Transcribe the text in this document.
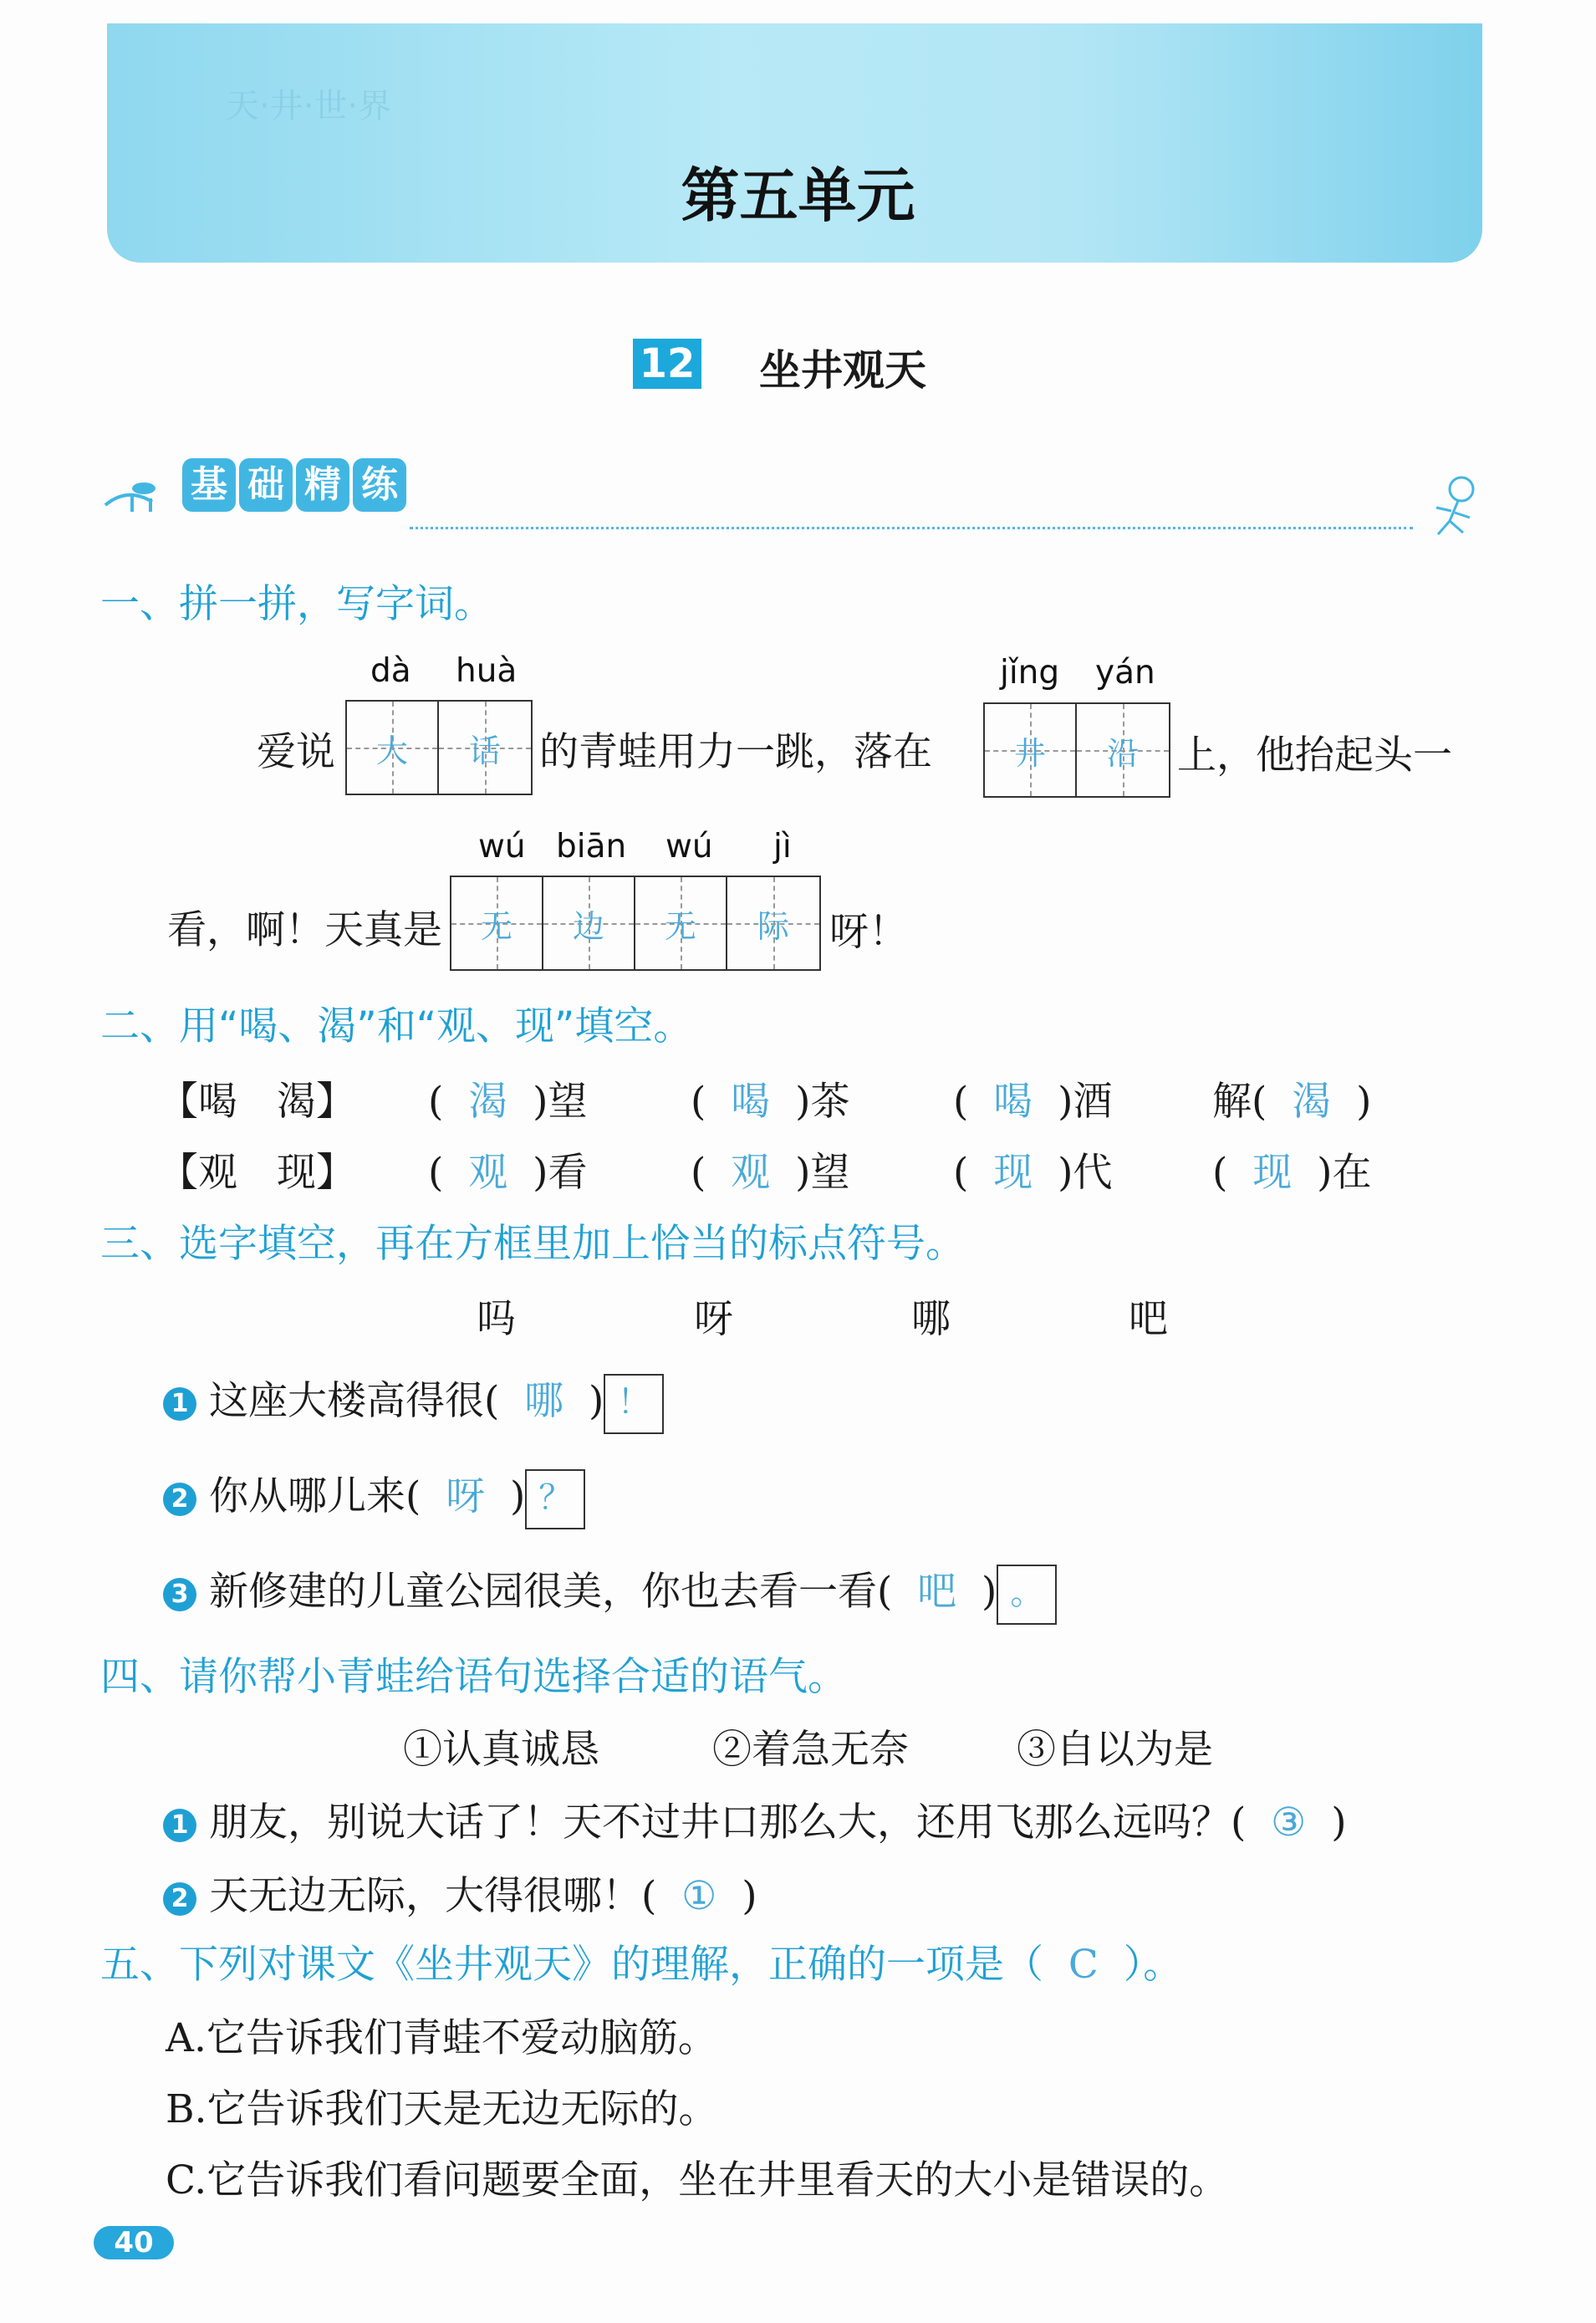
天·井·世·界
第五单元
12 坐井观天
基 础 精 练
一、拼一拼，写字词。
dà huà
爱说 大 话 的青蛙用力一跳，落在
jǐng yán
井 沿 上，他抬起头一
wú biān wú jì
看，啊！天真是 无 边 无 际 呀！
二、用“喝、渴”和“观、现”填空。
【喝　渴】 (  渴  )望	(  喝  )茶	(  喝  )酒	解(  渴  )
【观　现】 (  观  )看	(  观  )望	(  现  )代	(  现  )在
三、选字填空，再在方框里加上恰当的标点符号。
吗	呀	哪	吧
1 这座大楼高得很(  哪  ) ！
2 你从哪儿来(  呀  ) ？
3 新修建的儿童公园很美，你也去看一看(  吧  ) 。
四、请你帮小青蛙给语句选择合适的语气。
①认真诚恳	②着急无奈	③自以为是
1 朋友，别说大话了！天不过井口那么大，还用飞那么远吗？(  ③  )
2 天无边无际，大得很哪！(  ①  )
五、下列对课文《坐井观天》的理解，正确的一项是（ C ）。
A.它告诉我们青蛙不爱动脑筋。
B.它告诉我们天是无边无际的。
C.它告诉我们看问题要全面，坐在井里看天的大小是错误的。
40
